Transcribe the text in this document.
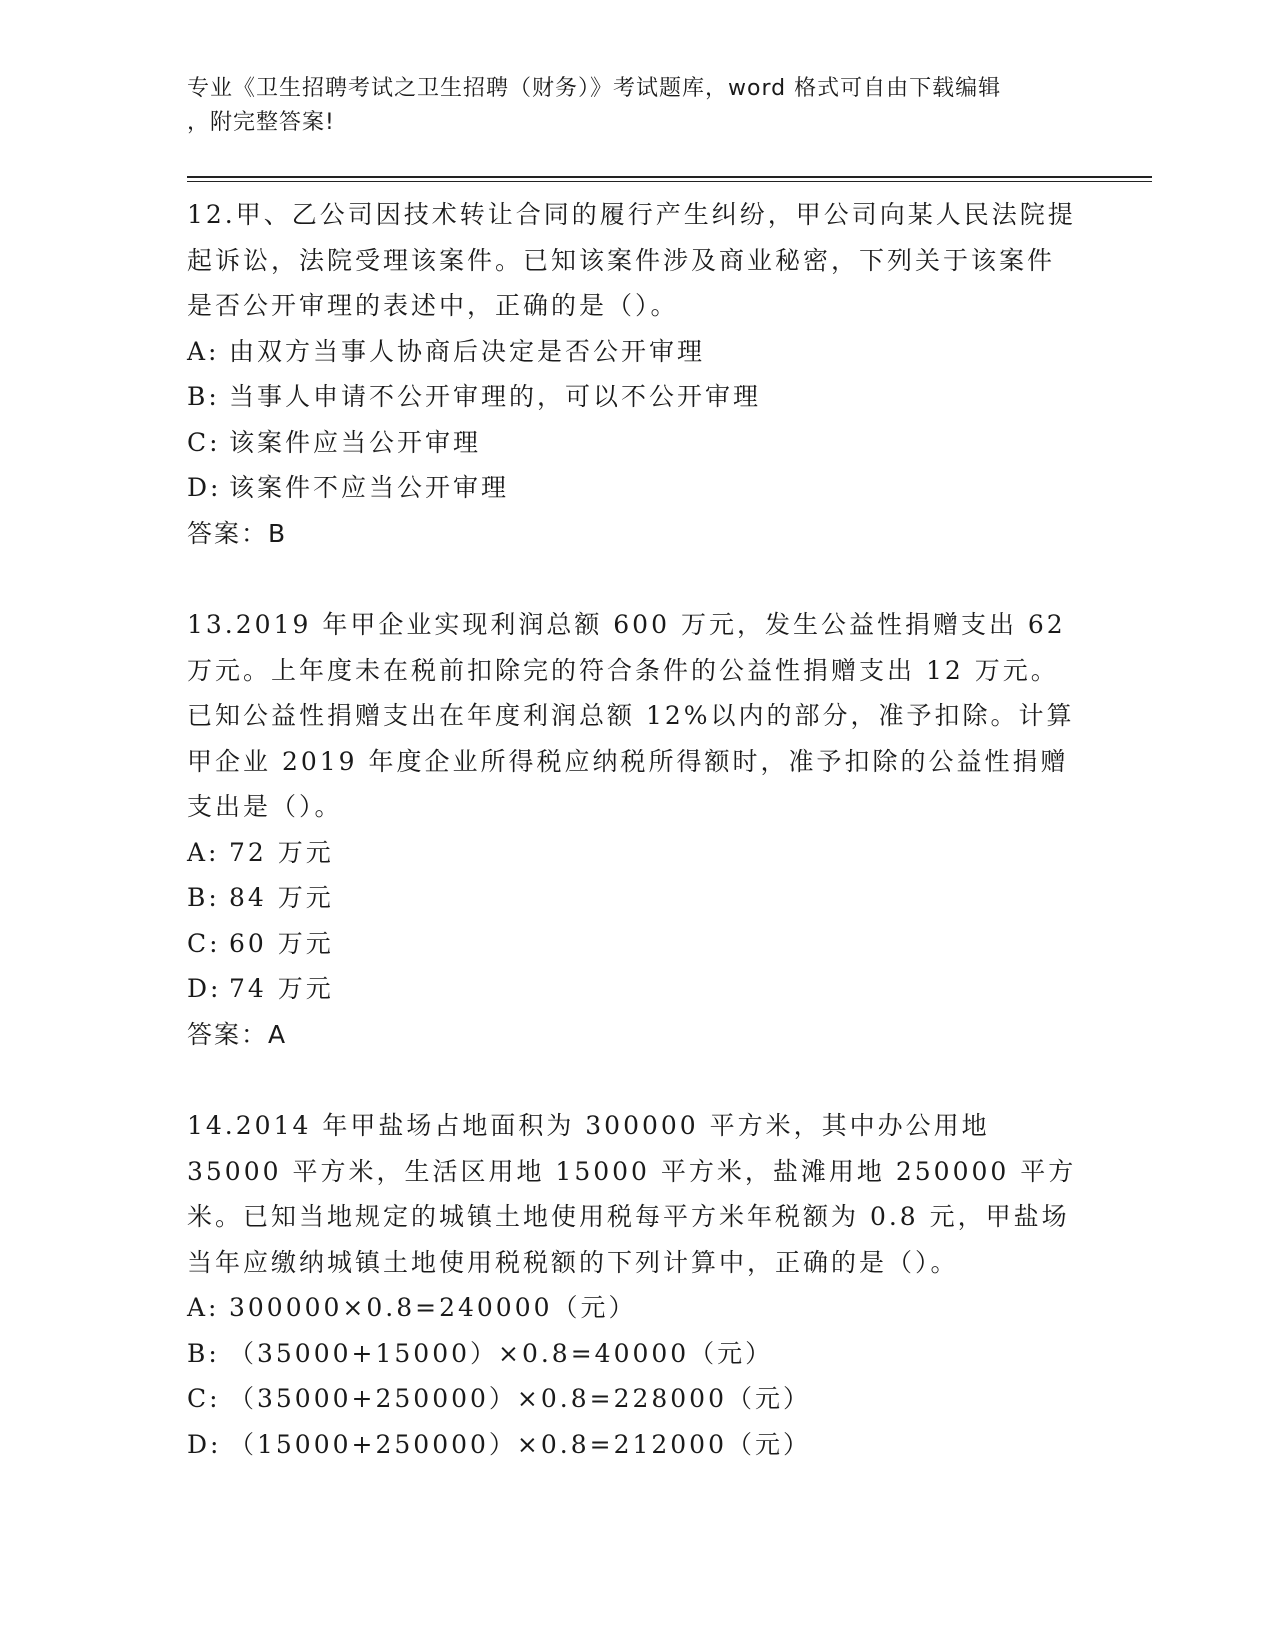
专业《卫生招聘考试之卫生招聘（财务）》考试题库，word 格式可自由下载编辑
，附完整答案!
12.甲、乙公司因技术转让合同的履行产生纠纷，甲公司向某人民法院提起诉讼，法院受理该案件。已知该案件涉及商业秘密，下列关于该案件是否公开审理的表述中，正确的是（）。
A: 由双方当事人协商后决定是否公开审理
B: 当事人申请不公开审理的，可以不公开审理
C: 该案件应当公开审理
D: 该案件不应当公开审理
答案：B
13.2019 年甲企业实现利润总额 600 万元，发生公益性捐赠支出 62 万元。上年度未在税前扣除完的符合条件的公益性捐赠支出 12 万元。已知公益性捐赠支出在年度利润总额 12%以内的部分，准予扣除。计算甲企业 2019 年度企业所得税应纳税所得额时，准予扣除的公益性捐赠支出是（）。
A: 72 万元
B: 84 万元
C: 60 万元
D: 74 万元
答案：A
14.2014 年甲盐场占地面积为 300000 平方米，其中办公用地 35000 平方米，生活区用地 15000 平方米，盐滩用地 250000 平方米。已知当地规定的城镇土地使用税每平方米年税额为 0.8 元，甲盐场当年应缴纳城镇土地使用税税额的下列计算中，正确的是（）。
A: 300000×0.8=240000（元）
B: （35000+15000）×0.8=40000（元）
C: （35000+250000）×0.8=228000（元）
D: （15000+250000）×0.8=212000（元）
